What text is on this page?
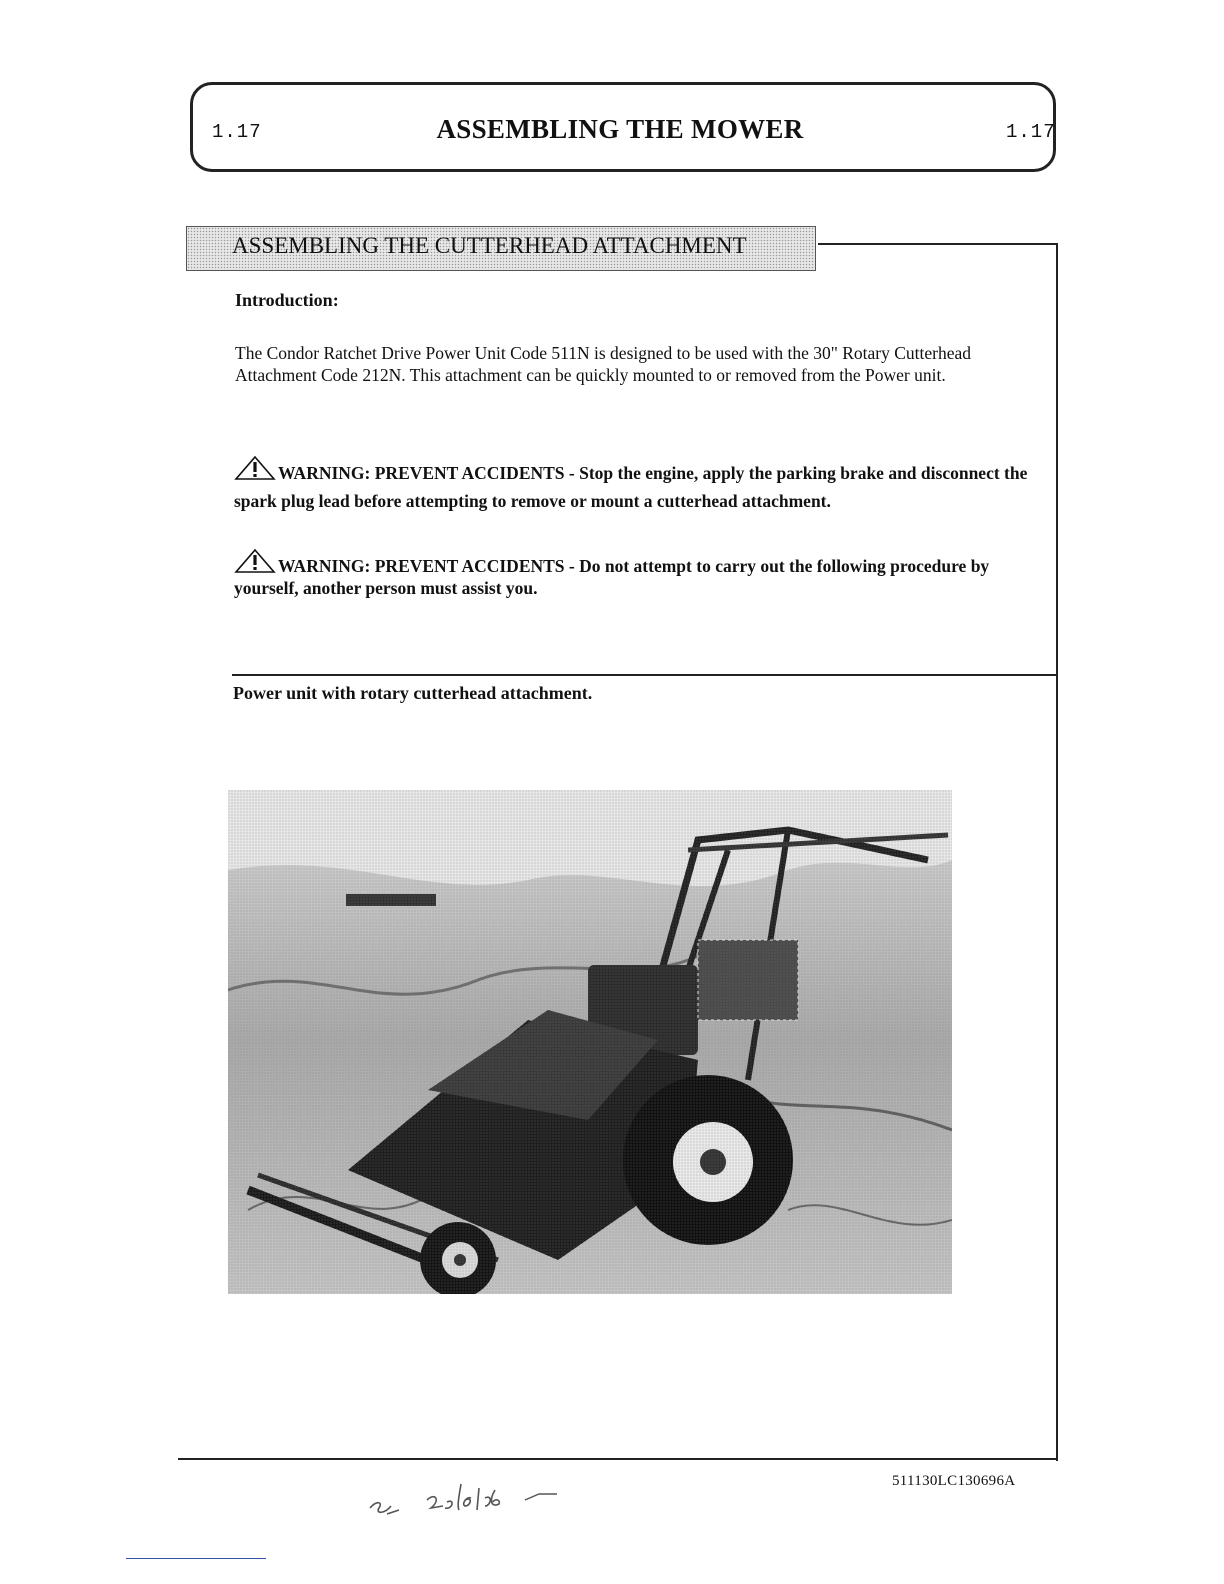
1.17	ASSEMBLING THE MOWER	1.17
ASSEMBLING THE CUTTERHEAD ATTACHMENT
Introduction:

The Condor Ratchet Drive Power Unit Code 511N is designed to be used with the 30" Rotary Cutterhead Attachment Code 212N. This attachment can be quickly mounted to or removed from the Power unit.

WARNING: PREVENT ACCIDENTS - Stop the engine, apply the parking brake and disconnect the spark plug lead before attempting to remove or mount a cutterhead attachment.

WARNING: PREVENT ACCIDENTS - Do not attempt to carry out the following procedure by yourself, another person must assist you.

Power unit with rotary cutterhead attachment.
511130LC130696A
